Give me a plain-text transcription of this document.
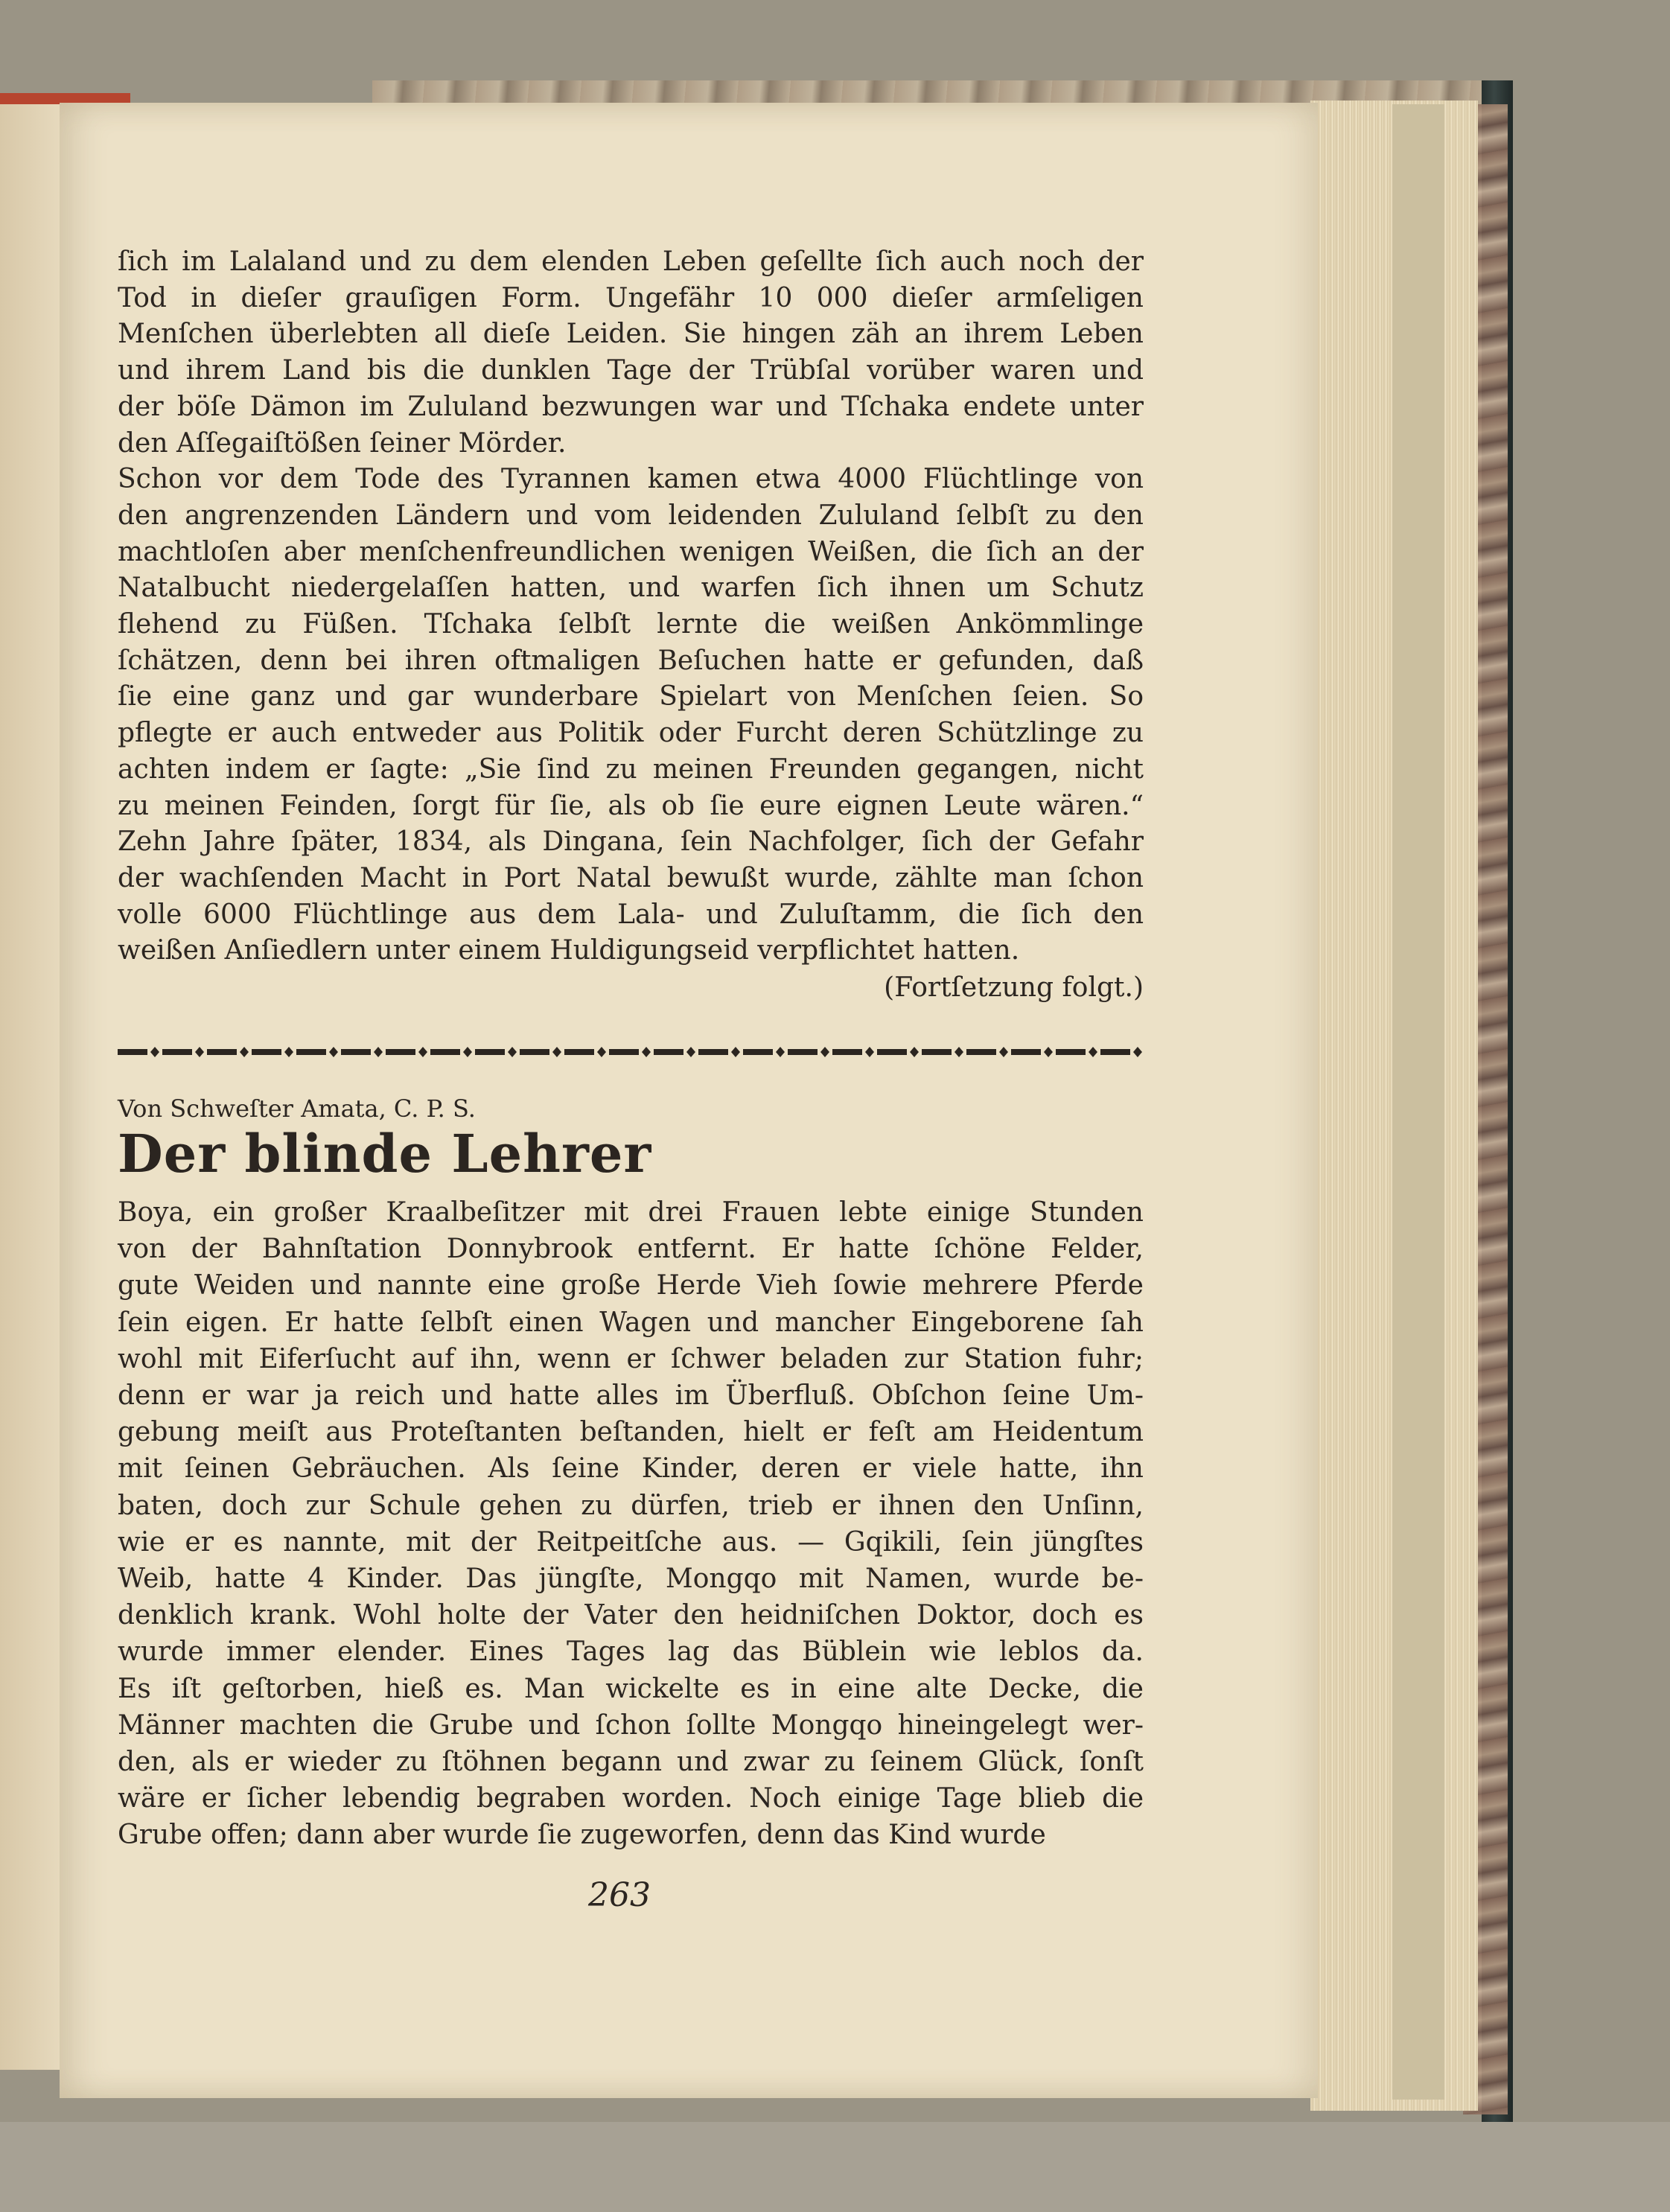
ſich im Lalaland und zu dem elenden Leben geſellte ſich auch noch der
Tod in dieſer grauſigen Form. Ungefähr 10 000 dieſer armſeligen
Menſchen überlebten all dieſe Leiden. Sie hingen zäh an ihrem Leben
und ihrem Land bis die dunklen Tage der Trübſal vorüber waren und
der böſe Dämon im Zululand bezwungen war und Tſchaka endete unter
den Aſſegaiſtößen ſeiner Mörder.
Schon vor dem Tode des Tyrannen kamen etwa 4000 Flüchtlinge von
den angrenzenden Ländern und vom leidenden Zululand ſelbſt zu den
machtloſen aber menſchenfreundlichen wenigen Weißen, die ſich an der
Natalbucht niedergelaſſen hatten, und warfen ſich ihnen um Schutz
flehend zu Füßen. Tſchaka ſelbſt lernte die weißen Ankömmlinge
ſchätzen, denn bei ihren oftmaligen Beſuchen hatte er gefunden, daß
ſie eine ganz und gar wunderbare Spielart von Menſchen ſeien. So
pflegte er auch entweder aus Politik oder Furcht deren Schützlinge zu
achten indem er ſagte: „Sie ſind zu meinen Freunden gegangen, nicht
zu meinen Feinden, ſorgt für ſie, als ob ſie eure eignen Leute wären.“
Zehn Jahre ſpäter, 1834, als Dingana, ſein Nachfolger, ſich der Gefahr
der wachſenden Macht in Port Natal bewußt wurde, zählte man ſchon
volle 6000 Flüchtlinge aus dem Lala- und Zuluſtamm, die ſich den
weißen Anſiedlern unter einem Huldigungseid verpflichtet hatten.
(Fortſetzung folgt.)
Von Schweſter Amata, C. P. S.
Der blinde Lehrer
Boya, ein großer Kraalbeſitzer mit drei Frauen lebte einige Stunden
von der Bahnſtation Donnybrook entfernt. Er hatte ſchöne Felder,
gute Weiden und nannte eine große Herde Vieh ſowie mehrere Pferde
ſein eigen. Er hatte ſelbſt einen Wagen und mancher Eingeborene ſah
wohl mit Eiferſucht auf ihn, wenn er ſchwer beladen zur Station fuhr;
denn er war ja reich und hatte alles im Überfluß. Obſchon ſeine Um-
gebung meiſt aus Proteſtanten beſtanden, hielt er feſt am Heidentum
mit ſeinen Gebräuchen. Als ſeine Kinder, deren er viele hatte, ihn
baten, doch zur Schule gehen zu dürfen, trieb er ihnen den Unſinn,
wie er es nannte, mit der Reitpeitſche aus. — Gqikili, ſein jüngſtes
Weib, hatte 4 Kinder. Das jüngſte, Mongqo mit Namen, wurde be-
denklich krank. Wohl holte der Vater den heidniſchen Doktor, doch es
wurde immer elender. Eines Tages lag das Büblein wie leblos da.
Es iſt geſtorben, hieß es. Man wickelte es in eine alte Decke, die
Männer machten die Grube und ſchon ſollte Mongqo hineingelegt wer-
den, als er wieder zu ſtöhnen begann und zwar zu ſeinem Glück, ſonſt
wäre er ſicher lebendig begraben worden. Noch einige Tage blieb die
Grube offen; dann aber wurde ſie zugeworfen, denn das Kind wurde
263
